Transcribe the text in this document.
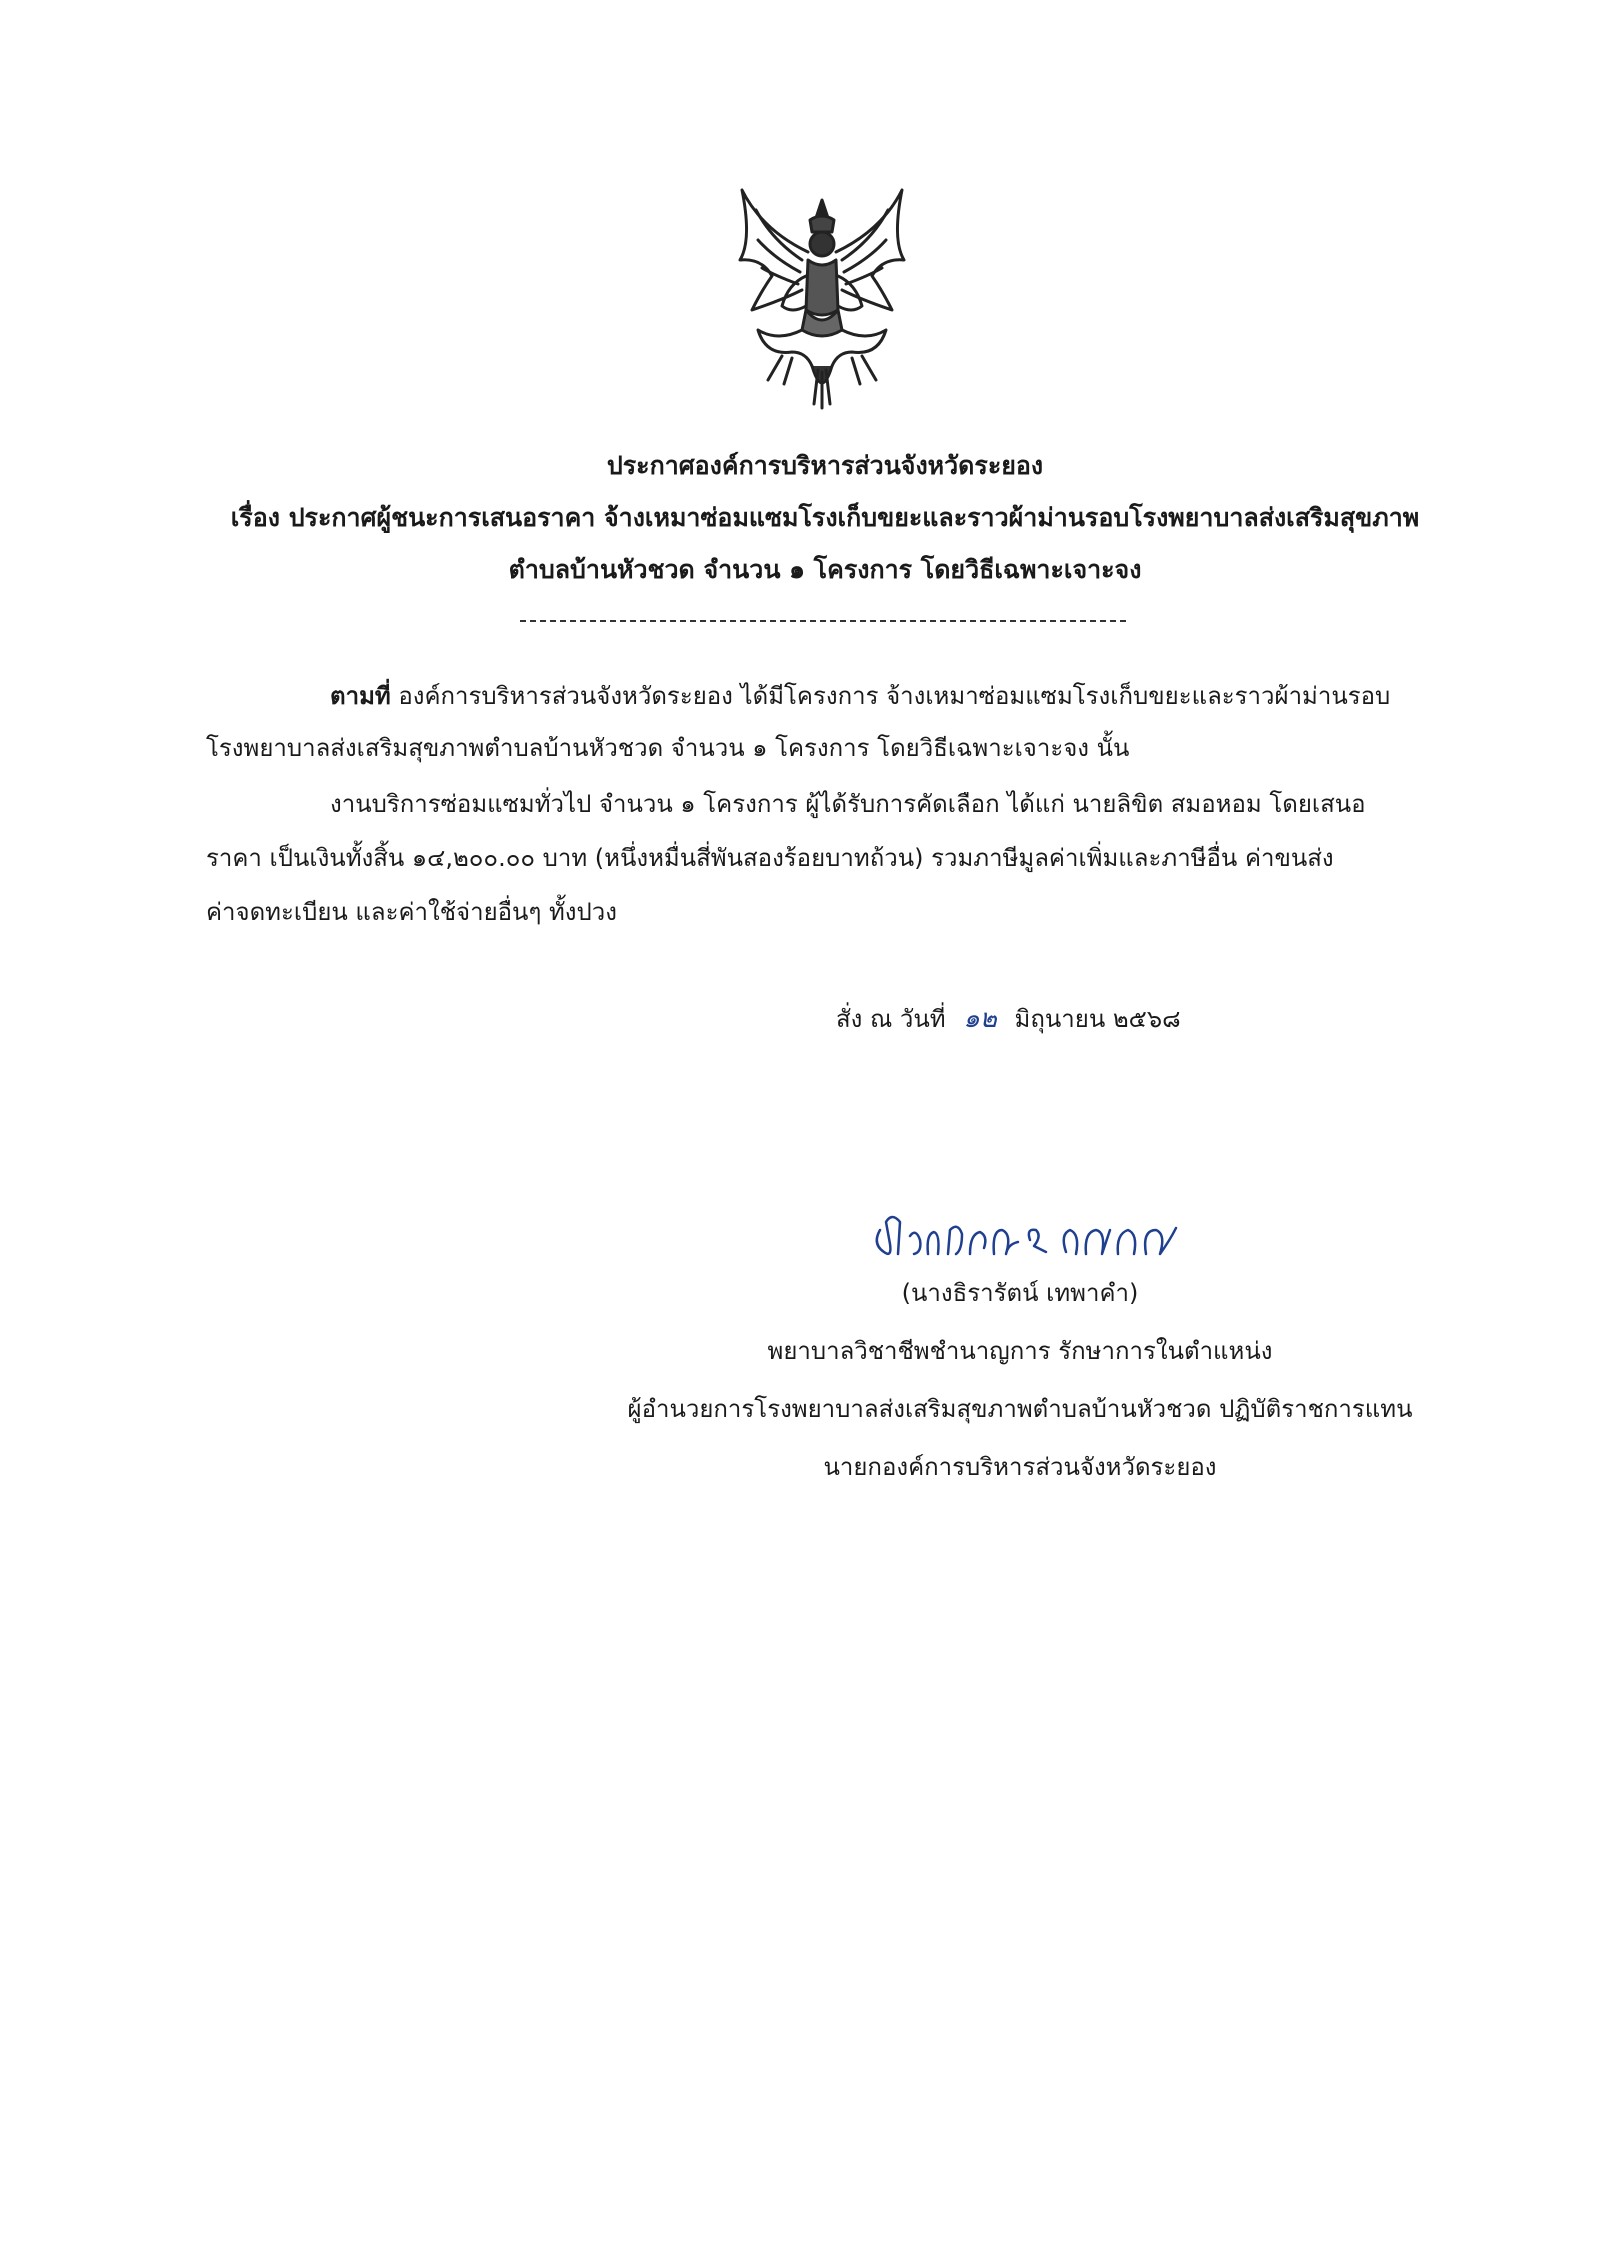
ประกาศองค์การบริหารส่วนจังหวัดระยอง
เรื่อง ประกาศผู้ชนะการเสนอราคา จ้างเหมาซ่อมแซมโรงเก็บขยะและราวผ้าม่านรอบโรงพยาบาลส่งเสริมสุขภาพ
ตำบลบ้านหัวชวด จำนวน ๑ โครงการ โดยวิธีเฉพาะเจาะจง
ตามที่ องค์การบริหารส่วนจังหวัดระยอง ได้มีโครงการ จ้างเหมาซ่อมแซมโรงเก็บขยะและราวผ้าม่านรอบ
โรงพยาบาลส่งเสริมสุขภาพตำบลบ้านหัวชวด จำนวน ๑ โครงการ โดยวิธีเฉพาะเจาะจง นั้น
งานบริการซ่อมแซมทั่วไป จำนวน ๑ โครงการ ผู้ได้รับการคัดเลือก ได้แก่ นายลิขิต สมอหอม โดยเสนอ
ราคา เป็นเงินทั้งสิ้น ๑๔,๒๐๐.๐๐ บาท (หนึ่งหมื่นสี่พันสองร้อยบาทถ้วน) รวมภาษีมูลค่าเพิ่มและภาษีอื่น ค่าขนส่ง
ค่าจดทะเบียน และค่าใช้จ่ายอื่นๆ ทั้งปวง
สั่ง ณ วันที่ ๑๒ มิถุนายน ๒๕๖๘
(นางธิรารัตน์ เทพาคำ)
พยาบาลวิชาชีพชำนาญการ รักษาการในตำแหน่ง
ผู้อำนวยการโรงพยาบาลส่งเสริมสุขภาพตำบลบ้านหัวชวด ปฏิบัติราชการแทน
นายกองค์การบริหารส่วนจังหวัดระยอง
